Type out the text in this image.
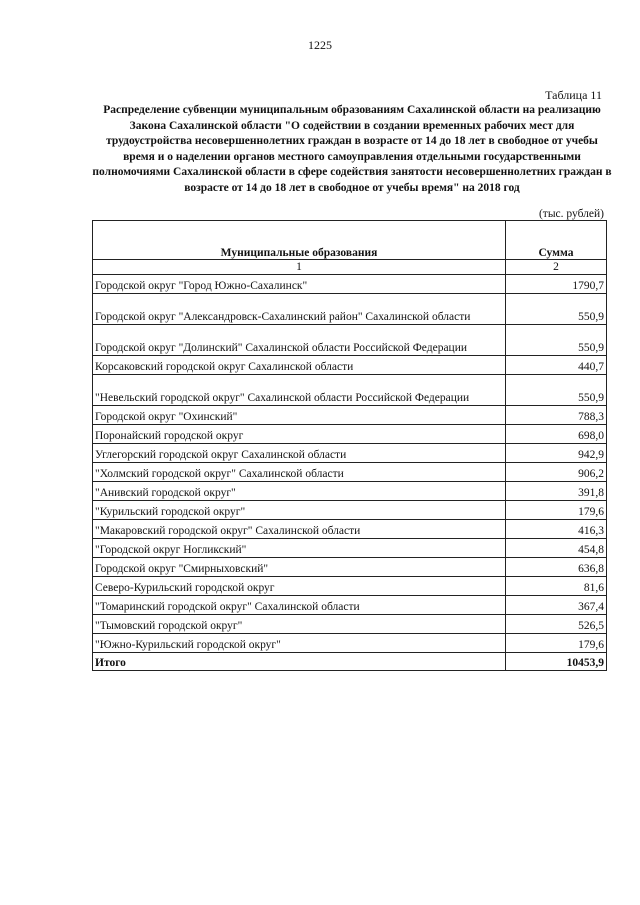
1225
Таблица 11
Распределение субвенции муниципальным образованиям Сахалинской области на реализацию Закона Сахалинской области "О содействии в создании временных рабочих мест для трудоустройства несовершеннолетних граждан в возрасте от 14 до 18 лет в свободное от учебы время и о наделении органов местного самоуправления отдельными государственными полномочиями Сахалинской области в сфере содействия занятости несовершеннолетних граждан в возрасте от 14 до 18 лет в свободное от учебы время" на 2018 год
(тыс. рублей)
Муниципальные образования	Сумма
1	2
Городской округ "Город Южно-Сахалинск"	1790,7
Городской округ "Александровск-Сахалинский район" Сахалинской области	550,9
Городской округ "Долинский" Сахалинской области Российской Федерации	550,9
Корсаковский городской округ Сахалинской области	440,7
"Невельский городской округ" Сахалинской области Российской Федерации	550,9
Городской округ "Охинский"	788,3
Поронайский городской округ	698,0
Углегорский городской округ Сахалинской области	942,9
"Холмский городской округ" Сахалинской области	906,2
"Анивский городской округ"	391,8
"Курильский городской округ"	179,6
"Макаровский городской округ" Сахалинской области	416,3
"Городской округ Ногликский"	454,8
Городской округ "Смирныховский"	636,8
Северо-Курильский городской округ	81,6
"Томаринский городской округ" Сахалинской области	367,4
"Тымовский городской округ"	526,5
"Южно-Курильский городской округ"	179,6
Итого	10453,9
